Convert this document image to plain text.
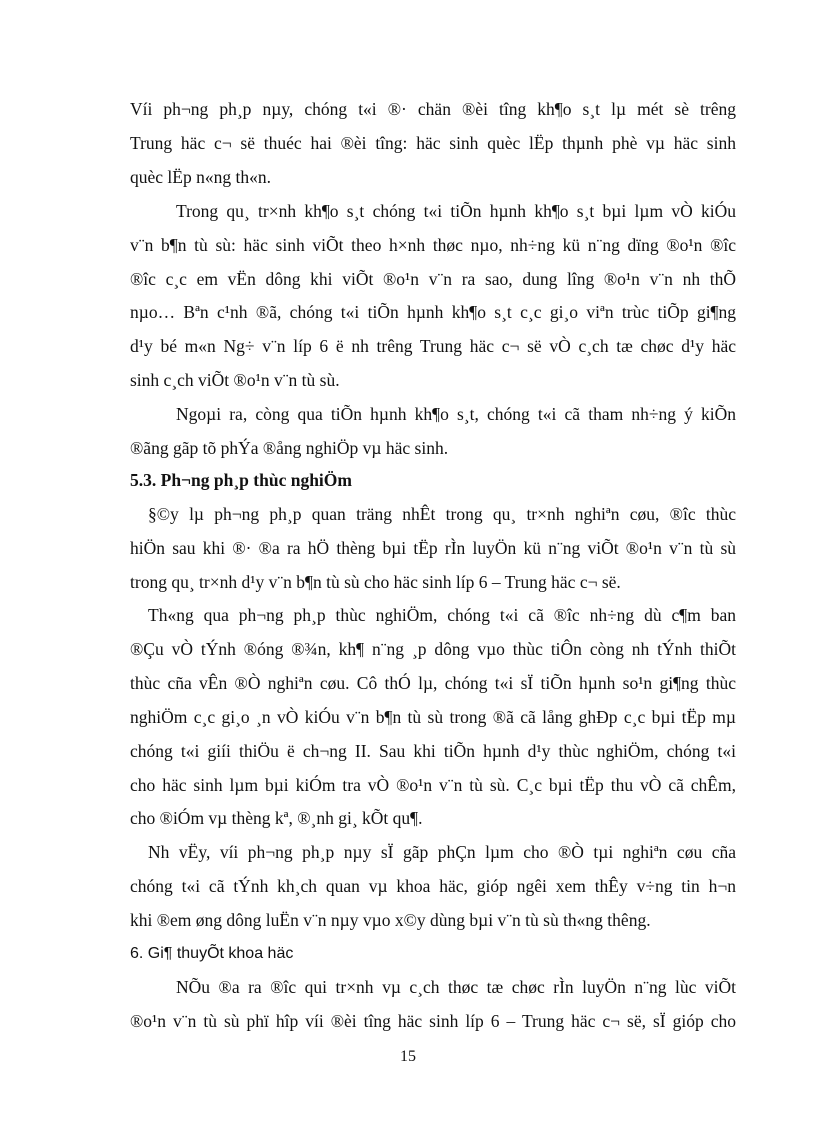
Víi ph¬ng ph¸p nµy, chóng t«i ®· chän ®èi tîng kh¶o s¸t lµ mét sè trêng
Trung häc c¬ së thuéc hai ®èi tîng: häc sinh quèc lËp thµnh phè vµ häc sinh
quèc lËp n«ng th«n.
Trong qu¸ tr×nh kh¶o s¸t chóng t«i tiÕn hµnh kh¶o s¸t bµi lµm vÒ kiÓu
v¨n b¶n tù sù: häc sinh viÕt theo h×nh thøc nµo, nh÷ng kü n¨ng dïng ®o¹n ®îc
®îc c¸c em vËn dông khi viÕt ®o¹n v¨n ra sao, dung lîng ®o¹n v¨n nh thÕ
nµo… Bªn c¹nh ®ã, chóng t«i tiÕn hµnh kh¶o s¸t c¸c gi¸o viªn trùc tiÕp gi¶ng
d¹y bé m«n Ng÷ v¨n líp 6 ë nh trêng Trung häc c¬ së vÒ c¸ch tæ chøc d¹y häc
sinh c¸ch viÕt ®o¹n v¨n tù sù.
Ngoµi ra, còng qua tiÕn hµnh kh¶o s¸t, chóng t«i cã tham nh÷ng ý kiÕn
®ãng gãp tõ phÝa ®ång nghiÖp vµ häc sinh.
5.3. Ph¬ng ph¸p thùc nghiÖm
§©y lµ ph¬ng ph¸p quan träng nhÊt trong qu¸ tr×nh nghiªn cøu, ®îc thùc
hiÖn sau khi ®· ®a ra hÖ thèng bµi tËp rÌn luyÖn kü n¨ng viÕt ®o¹n v¨n tù sù
trong qu¸ tr×nh d¹y v¨n b¶n tù sù cho häc sinh líp 6 – Trung häc c¬ së.
Th«ng qua ph¬ng ph¸p thùc nghiÖm, chóng t«i cã ®îc nh÷ng dù c¶m ban
®Çu vÒ tÝnh ®óng ®¾n, kh¶ n¨ng ¸p dông vµo thùc tiÔn còng nh tÝnh thiÕt
thùc cña vÊn ®Ò nghiªn cøu. Cô thÓ lµ, chóng t«i sÏ tiÕn hµnh so¹n gi¶ng thùc
nghiÖm c¸c gi¸o ¸n vÒ kiÓu v¨n b¶n tù sù trong ®ã cã lång ghÐp c¸c bµi tËp mµ
chóng t«i giíi thiÖu ë ch¬ng II. Sau khi tiÕn hµnh d¹y thùc nghiÖm, chóng t«i
cho häc sinh lµm bµi kiÓm tra vÒ ®o¹n v¨n tù sù. C¸c bµi tËp thu vÒ cã chÊm,
cho ®iÓm vµ thèng kª, ®¸nh gi¸ kÕt qu¶.
Nh vËy, víi ph¬ng ph¸p nµy sÏ gãp phÇn lµm cho ®Ò tµi nghiªn cøu cña
chóng t«i cã tÝnh kh¸ch quan vµ khoa häc, gióp ngêi xem thÊy v÷ng tin h¬n
khi ®em øng dông luËn v¨n nµy vµo x©y dùng bµi v¨n tù sù th«ng thêng.
6. Gi¶ thuyÕt khoa häc
NÕu ®a ra ®îc qui tr×nh vµ c¸ch thøc tæ chøc rÌn luyÖn n¨ng lùc viÕt
®o¹n v¨n tù sù phï hîp víi ®èi tîng häc sinh líp 6 – Trung häc c¬ së, sÏ gióp cho
15
